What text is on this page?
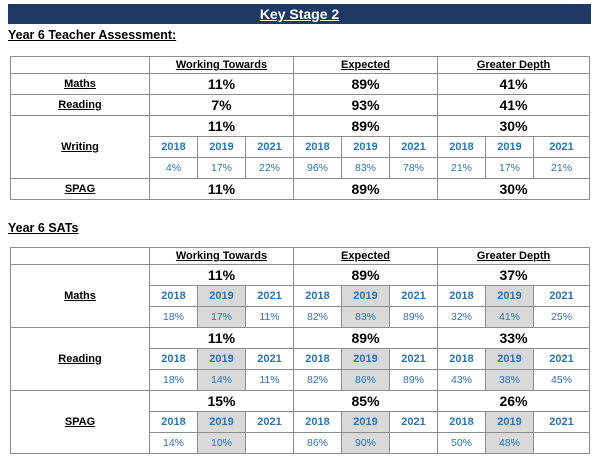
Key Stage 2
Year 6 Teacher Assessment:
	Working Towards			Expected			Greater Depth		
Maths	11%			89%			41%		
Reading	7%			93%			41%		
Writing	11%			89%			30%		
	2018	2019	2021	2018	2019	2021	2018	2019	2021
	4%	17%	22%	96%	83%	78%	21%	17%	21%
SPAG	11%			89%			30%		
Year 6 SATs
	Working Towards			Expected			Greater Depth		
Maths	11%			89%			37%		
	2018	2019	2021	2018	2019	2021	2018	2019	2021
	18%	17%	11%	82%	83%	89%	32%	41%	25%
Reading	11%			89%			33%		
	2018	2019	2021	2018	2019	2021	2018	2019	2021
	18%	14%	11%	82%	86%	89%	43%	38%	45%
SPAG	15%			85%			26%		
	2018	2019	2021	2018	2019	2021	2018	2019	2021
	14%	10%		86%	90%		50%	48%	
